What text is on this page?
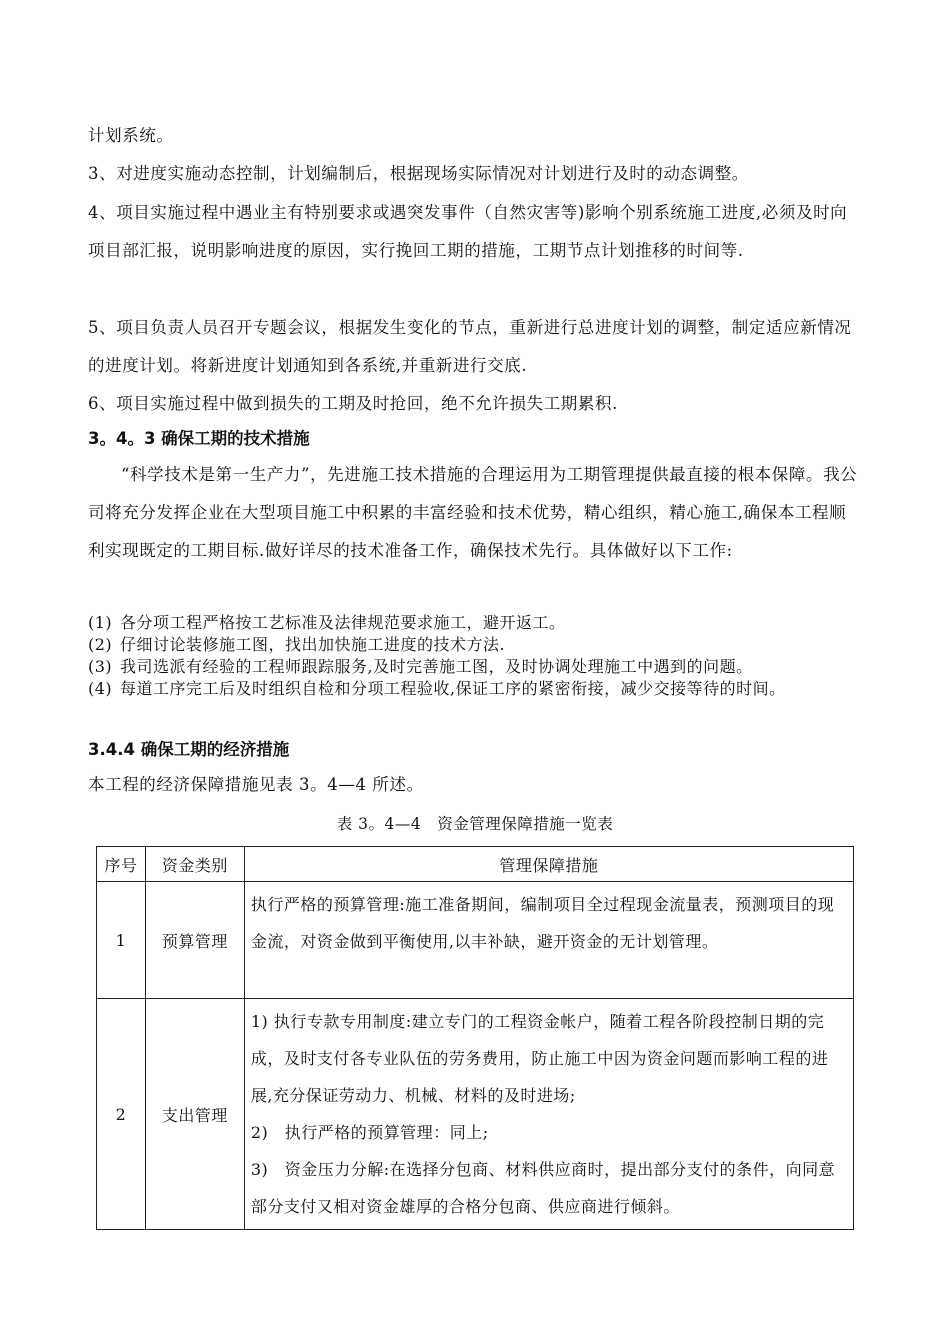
计划系统。

3、对进度实施动态控制，计划编制后，根据现场实际情况对计划进行及时的动态调整。

4、项目实施过程中遇业主有特别要求或遇突发事件（自然灾害等)影响个别系统施工进度,必须及时向项目部汇报，说明影响进度的原因，实行挽回工期的措施，工期节点计划推移的时间等.

5、项目负责人员召开专题会议，根据发生变化的节点，重新进行总进度计划的调整，制定适应新情况的进度计划。将新进度计划通知到各系统,并重新进行交底.

6、项目实施过程中做到损失的工期及时抢回，绝不允许损失工期累积.

3。4。3 确保工期的技术措施

“科学技术是第一生产力”，先进施工技术措施的合理运用为工期管理提供最直接的根本保障。我公司将充分发挥企业在大型项目施工中积累的丰富经验和技术优势，精心组织，精心施工,确保本工程顺利实现既定的工期目标.做好详尽的技术准备工作，确保技术先行。具体做好以下工作:

(1) 各分项工程严格按工艺标准及法律规范要求施工，避开返工。
(2) 仔细讨论装修施工图，找出加快施工进度的技术方法.
(3) 我司选派有经验的工程师跟踪服务,及时完善施工图，及时协调处理施工中遇到的问题。
(4) 每道工序完工后及时组织自检和分项工程验收,保证工序的紧密衔接，减少交接等待的时间。
3.4.4 确保工期的经济措施

本工程的经济保障措施见表 3。4—4 所述。

表 3。4—4　资金管理保障措施一览表
序号	资金类别	管理保障措施
1	预算管理	执行严格的预算管理:施工准备期间，编制项目全过程现金流量表，预测项目的现金流，对资金做到平衡使用,以丰补缺，避开资金的无计划管理。

2	支出管理	1) 执行专款专用制度:建立专门的工程资金帐户，随着工程各阶段控制日期的完成，及时支付各专业队伍的劳务费用，防止施工中因为资金问题而影响工程的进展,充分保证劳动力、机械、材料的及时进场;
2)　执行严格的预算管理：同上;
3)　资金压力分解:在选择分包商、材料供应商时，提出部分支付的条件，向同意部分支付又相对资金雄厚的合格分包商、供应商进行倾斜。
